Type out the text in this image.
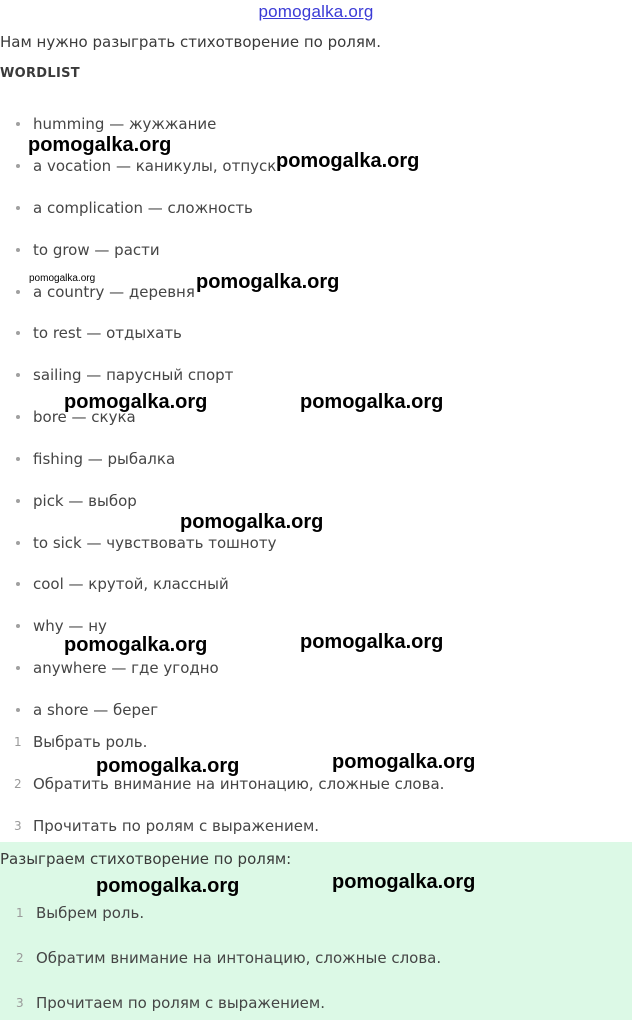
pomogalka.org
Нам нужно разыграть стихотворение по ролям.
WORDLIST
humming — жужжание
a vocation — каникулы, отпуск
a complication — сложность
to grow — расти
a country — деревня
to rest — отдыхать
sailing — парусный спорт
bore — скука
fishing — рыбалка
pick — выбор
to sick — чувствовать тошноту
cool — крутой, классный
why — ну
anywhere — где угодно
a shore — берег
1 Выбрать роль.
2 Обратить внимание на интонацию, сложные слова.
3 Прочитать по ролям с выражением.
Разыграем стихотворение по ролям:
1 Выбрем роль.
2 Обратим внимание на интонацию, сложные слова.
3 Прочитаем по ролям с выражением.
pomogalka.org
pomogalka.org
pomogalka.org	pomogalka.org
pomogalka.org	pomogalka.org
pomogalka.org
pomogalka.org	pomogalka.org
pomogalka.org	pomogalka.org
pomogalka.org	pomogalka.org
